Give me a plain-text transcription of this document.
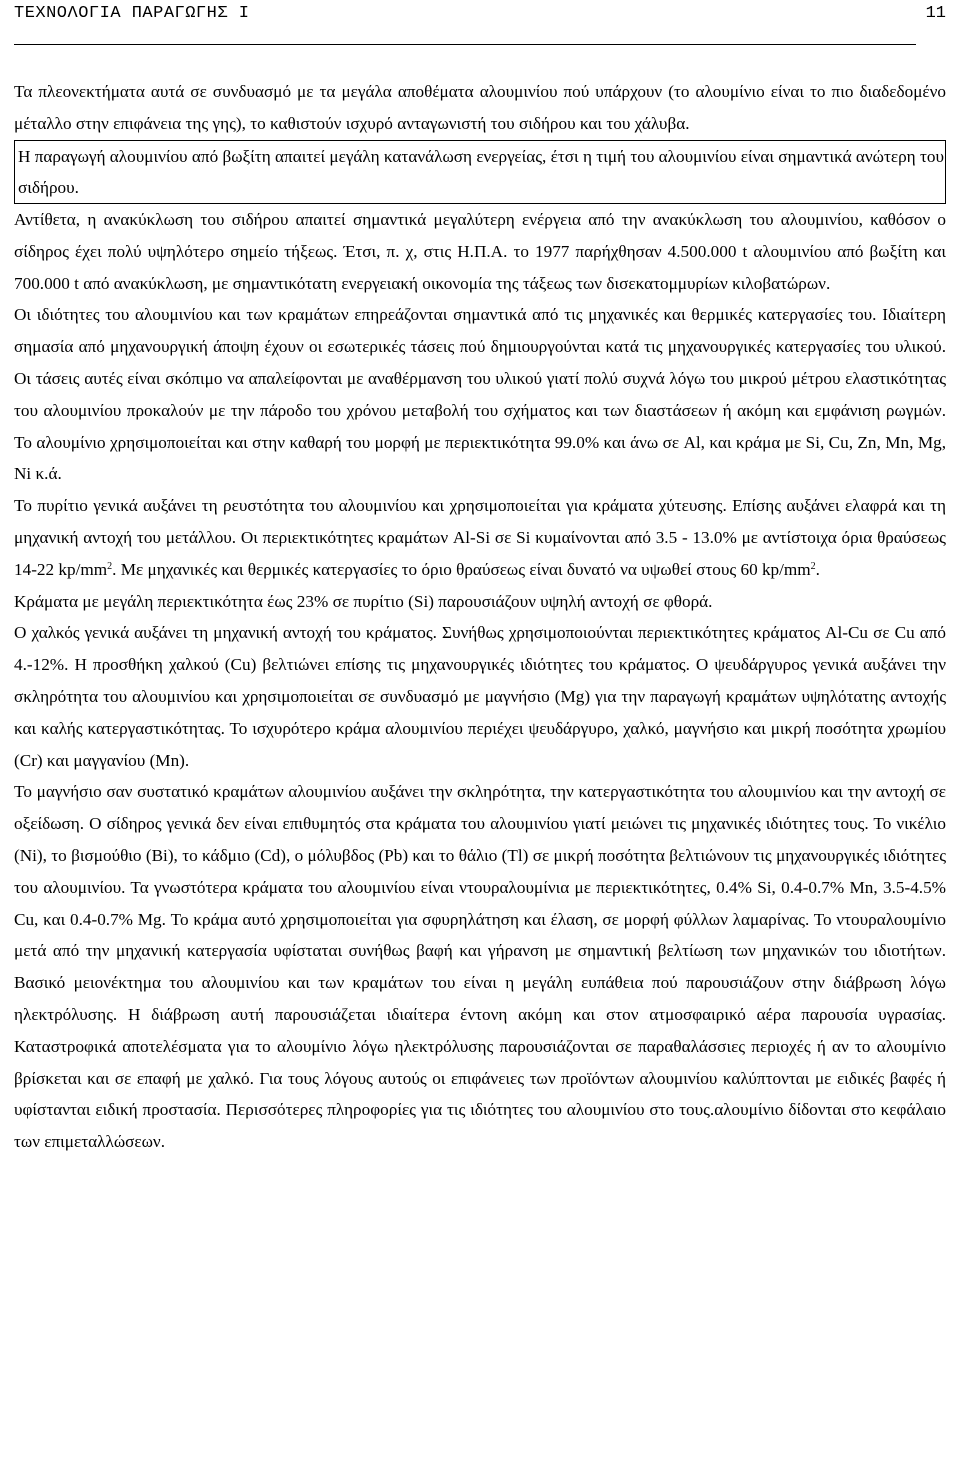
ΤΕΧΝΟΛΟΓΙΑ ΠΑΡΑΓΩΓΗΣ Ι	11

Τα πλεονεκτήματα αυτά σε συνδυασμό με τα μεγάλα αποθέματα αλουμινίου πού υπάρχουν (το αλουμίνιο είναι το πιο διαδεδομένο μέταλλο στην επιφάνεια της γης), το καθιστούν ισχυρό ανταγωνιστή του σιδήρου και του χάλυβα.

Η παραγωγή αλουμινίου από βωξίτη απαιτεί μεγάλη κατανάλωση ενεργείας, έτσι η τιμή του αλουμινίου είναι σημαντικά ανώτερη του σιδήρου.

Αντίθετα, η ανακύκλωση του σιδήρου απαιτεί σημαντικά μεγαλύτερη ενέργεια από την ανακύκλωση του αλουμινίου, καθόσον ο σίδηρος έχει πολύ υψηλότερο σημείο τήξεως. Έτσι, π. χ, στις Η.Π.Α. το 1977 παρήχθησαν 4.500.000 t αλουμινίου από βωξίτη και 700.000 t από ανακύκλωση, με σημαντικότατη ενεργειακή οικονομία της τάξεως των δισεκατομμυρίων κιλοβατώρων.

Οι ιδιότητες του αλουμινίου και των κραμάτων επηρεάζονται σημαντικά από τις μηχανικές και θερμικές κατεργασίες του. Ιδιαίτερη σημασία από μηχανουργική άποψη έχουν οι εσωτερικές τάσεις πού δημιουργούνται κατά τις μηχανουργικές κατεργασίες του υλικού. Οι τάσεις αυτές είναι σκόπιμο να απαλείφονται με αναθέρμανση του υλικού γιατί πολύ συχνά λόγω του μικρού μέτρου ελαστικότητας του αλουμινίου προκαλούν με την πάροδο του χρόνου μεταβολή του σχήματος και των διαστάσεων ή ακόμη και εμφάνιση ρωγμών. Το αλουμίνιο χρησιμοποιείται και στην καθαρή του μορφή με περιεκτικότητα 99.0% και άνω σε Al, και κράμα με Si, Cu, Zn, Mn, Mg, Ni κ.ά.

Το πυρίτιο γενικά αυξάνει τη ρευστότητα του αλουμινίου και χρησιμοποιείται για κράματα χύτευσης. Επίσης αυξάνει ελαφρά και τη μηχανική αντοχή του μετάλλου. Οι περιεκτικότητες κραμάτων Al-Si σε Si κυμαίνονται από 3.5 - 13.0% με αντίστοιχα όρια θραύσεως 14-22 $kp/mm^2$. Με μηχανικές και θερμικές κατεργασίες το όριο θραύσεως είναι δυνατό να υψωθεί στους 60 $kp/mm^2$.

Κράματα με μεγάλη περιεκτικότητα έως 23% σε πυρίτιο (Si) παρουσιάζουν υψηλή αντοχή σε φθορά.

Ο χαλκός γενικά αυξάνει τη μηχανική αντοχή του κράματος. Συνήθως χρησιμοποιούνται περιεκτικότητες κράματος Al-Cu σε Cu από 4.-12%. Η προσθήκη χαλκού (Cu) βελτιώνει επίσης τις μηχανουργικές ιδιότητες του κράματος. Ο ψευδάργυρος γενικά αυξάνει την σκληρότητα του αλουμινίου και χρησιμοποιείται σε συνδυασμό με μαγνήσιο (Mg) για την παραγωγή κραμάτων υψηλότατης αντοχής και καλής κατεργαστικότητας. Το ισχυρότερο κράμα αλουμινίου περιέχει ψευδάργυρο, χαλκό, μαγνήσιο και μικρή ποσότητα χρωμίου (Cr) και μαγγανίου (Mn).

Το μαγνήσιο σαν συστατικό κραμάτων αλουμινίου αυξάνει την σκληρότητα, την κατεργαστικότητα του αλουμινίου και την αντοχή σε οξείδωση. Ο σίδηρος γενικά δεν είναι επιθυμητός στα κράματα του αλουμινίου γιατί μειώνει τις μηχανικές ιδιότητες τους. Το νικέλιο (Ni), το βισμούθιο (Bi), το κάδμιο (Cd), ο μόλυβδος (Pb) και το θάλιο (Tl) σε μικρή ποσότητα βελτιώνουν τις μηχανουργικές ιδιότητες του αλουμινίου. Τα γνωστότερα κράματα του αλουμινίου είναι ντουραλουμίνια με περιεκτικότητες, 0.4% Si, 0.4-0.7% Mn, 3.5-4.5% Cu, και 0.4-0.7% Mg. Το κράμα αυτό χρησιμοποιείται για σφυρηλάτηση και έλαση, σε μορφή φύλλων λαμαρίνας. Το ντουραλουμίνιο μετά από την μηχανική κατεργασία υφίσταται συνήθως βαφή και γήρανση με σημαντική βελτίωση των μηχανικών του ιδιοτήτων. Βασικό μειονέκτημα του αλουμινίου και των κραμάτων του είναι η μεγάλη ευπάθεια πού παρουσιάζουν στην διάβρωση λόγω ηλεκτρόλυσης. Η διάβρωση αυτή παρουσιάζεται ιδιαίτερα έντονη ακόμη και στον ατμοσφαιρικό αέρα παρουσία υγρασίας. Καταστροφικά αποτελέσματα για το αλουμίνιο λόγω ηλεκτρόλυσης παρουσιάζονται σε παραθαλάσσιες περιοχές ή αν το αλουμίνιο βρίσκεται και σε επαφή με χαλκό. Για τους λόγους αυτούς οι επιφάνειες των προϊόντων αλουμινίου καλύπτονται με ειδικές βαφές ή υφίστανται ειδική προστασία. Περισσότερες πληροφορίες για τις ιδιότητες του αλουμινίου στο τους.αλουμίνιο δίδονται στο κεφάλαιο των επιμεταλλώσεων.
